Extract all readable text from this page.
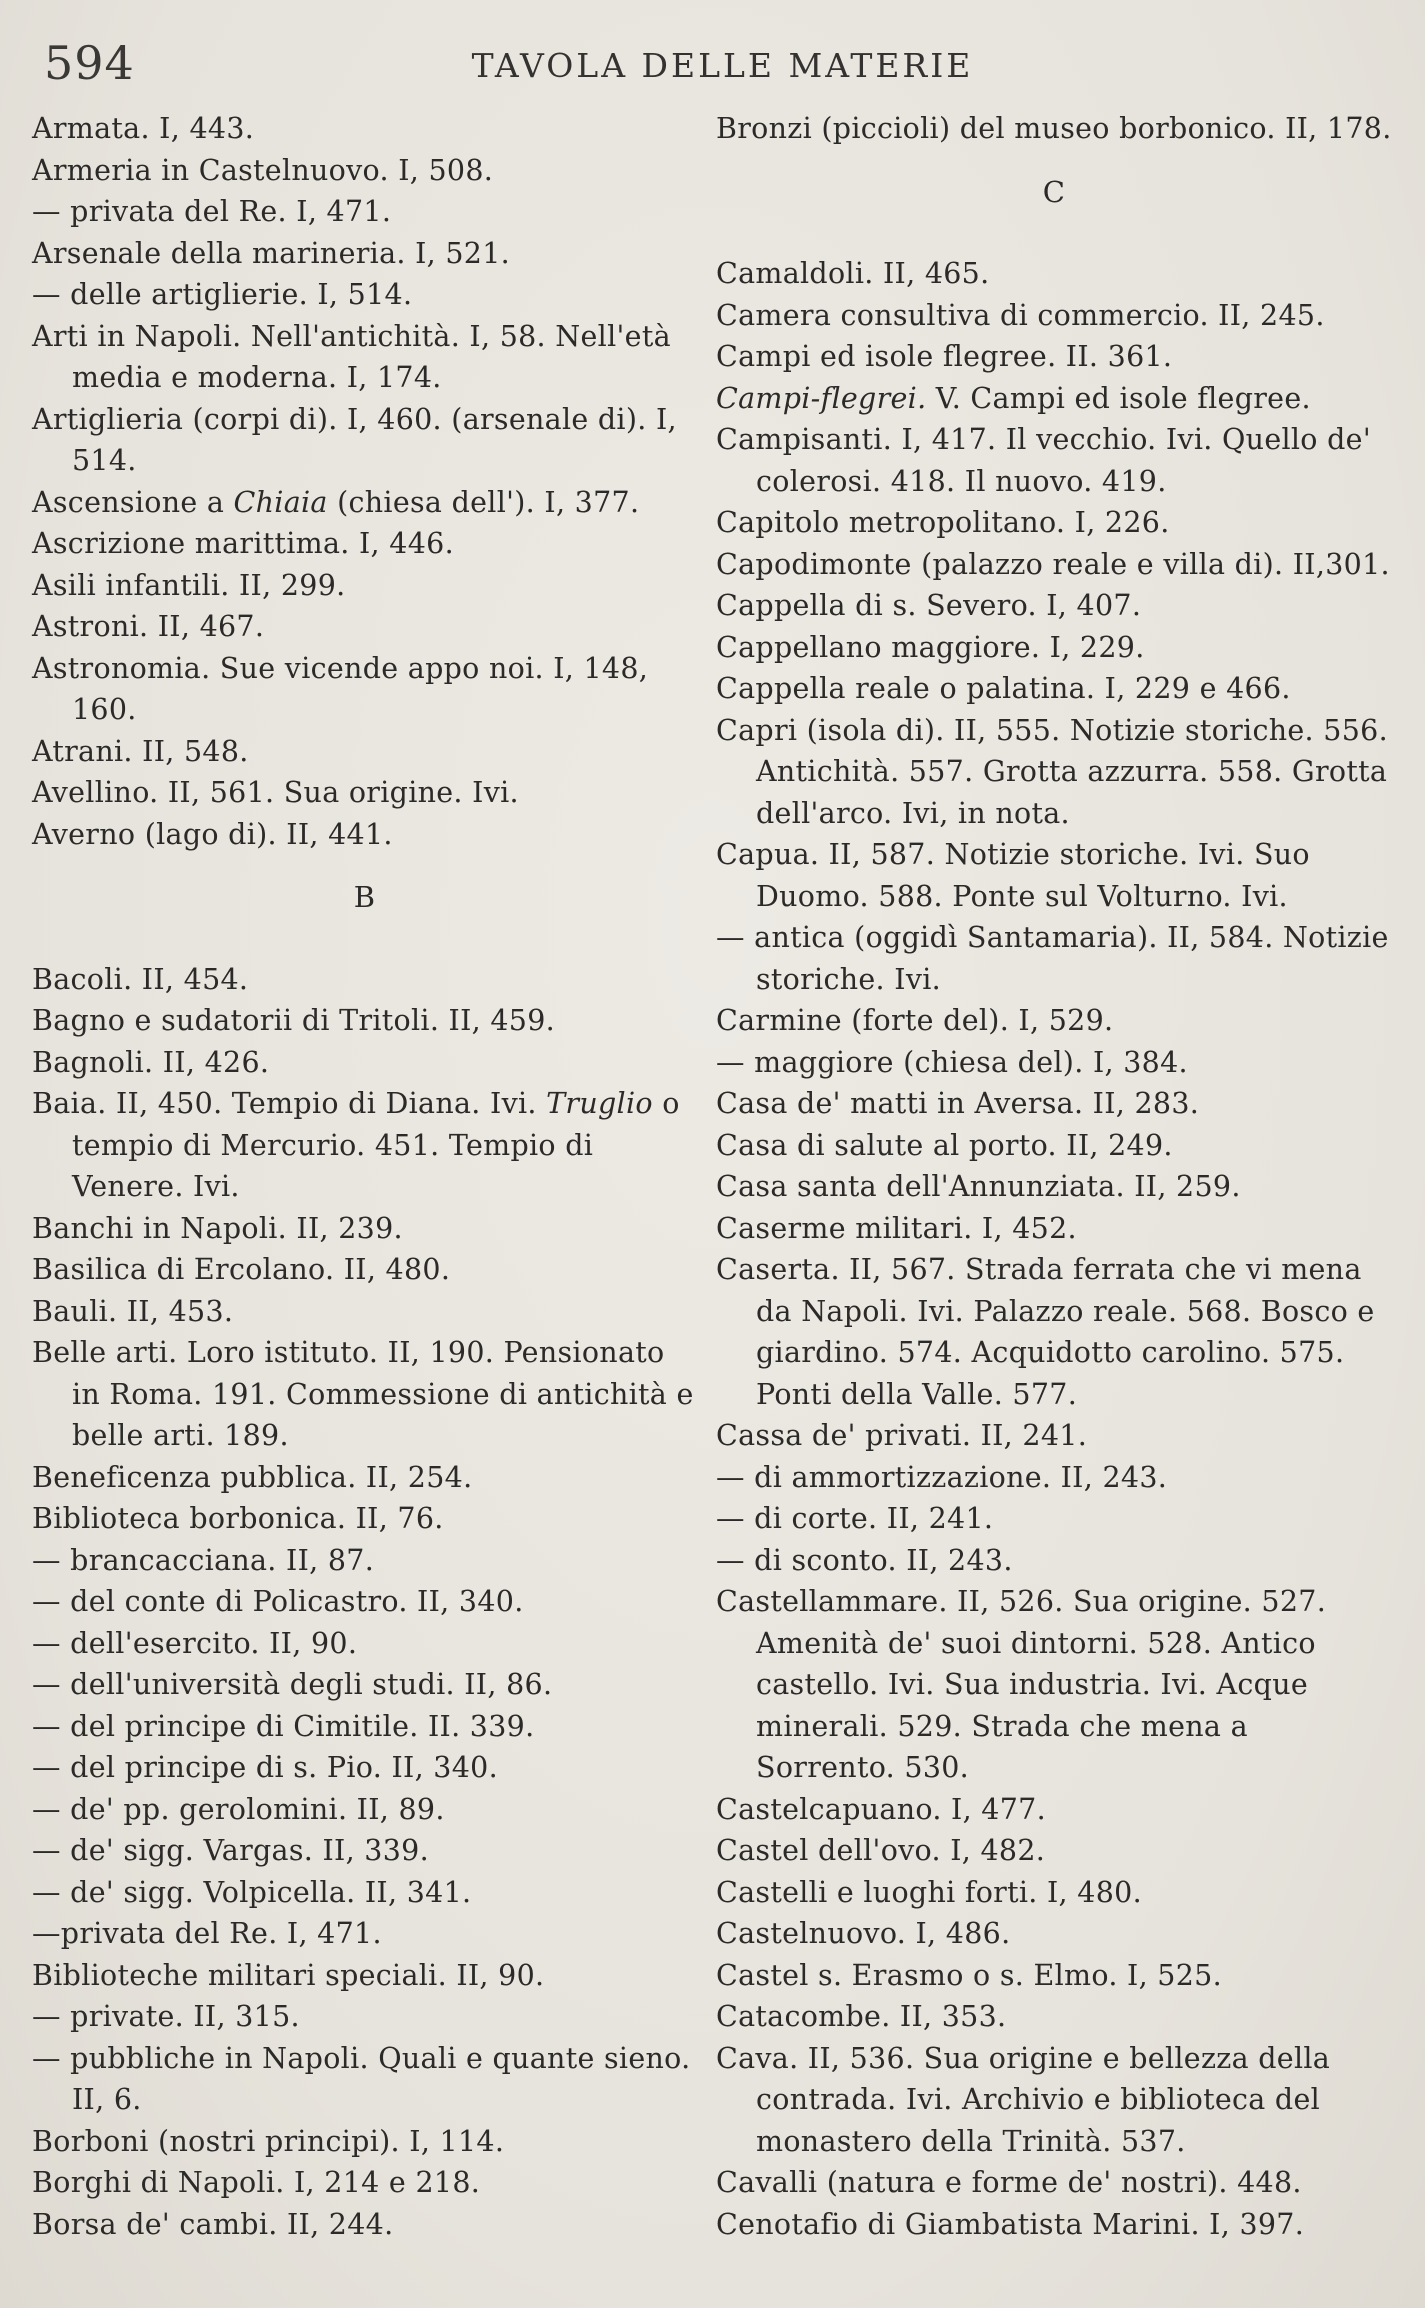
594	TAVOLA DELLE MATERIE
Armata. I, 443.
Armeria in Castelnuovo. I, 508.
— privata del Re. I, 471.
Arsenale della marineria. I, 521.
— delle artiglierie. I, 514.
Arti in Napoli. Nell'antichità. I, 58. Nell'età media e moderna. I, 174.
Artiglieria (corpi di). I, 460. (arsenale di). I, 514.
Ascensione a Chiaia (chiesa dell'). I, 377.
Ascrizione marittima. I, 446.
Asili infantili. II, 299.
Astroni. II, 467.
Astronomia. Sue vicende appo noi. I, 148, 160.
Atrani. II, 548.
Avellino. II, 561. Sua origine. Ivi.
Averno (lago di). II, 441.
B
Bacoli. II, 454.
Bagno e sudatorii di Tritoli. II, 459.
Bagnoli. II, 426.
Baia. II, 450. Tempio di Diana. Ivi. Truglio o tempio di Mercurio. 451. Tempio di Venere. Ivi.
Banchi in Napoli. II, 239.
Basilica di Ercolano. II, 480.
Bauli. II, 453.
Belle arti. Loro istituto. II, 190. Pensionato in Roma. 191. Commessione di antichità e belle arti. 189.
Beneficenza pubblica. II, 254.
Biblioteca borbonica. II, 76.
— brancacciana. II, 87.
— del conte di Policastro. II, 340.
— dell'esercito. II, 90.
— dell'università degli studi. II, 86.
— del principe di Cimitile. II. 339.
— del principe di s. Pio. II, 340.
— de' pp. gerolomini. II, 89.
— de' sigg. Vargas. II, 339.
— de' sigg. Volpicella. II, 341.
—privata del Re. I, 471.
Biblioteche militari speciali. II, 90.
— private. II, 315.
— pubbliche in Napoli. Quali e quante sieno. II, 6.
Borboni (nostri principi). I, 114.
Borghi di Napoli. I, 214 e 218.
Borsa de' cambi. II, 244.
Bronzi (piccioli) del museo borbonico. II, 178.
C
Camaldoli. II, 465.
Camera consultiva di commercio. II, 245.
Campi ed isole flegree. II. 361.
Campi-flegrei. V. Campi ed isole flegree.
Campisanti. I, 417. Il vecchio. Ivi. Quello de' colerosi. 418. Il nuovo. 419.
Capitolo metropolitano. I, 226.
Capodimonte (palazzo reale e villa di). II,301.
Cappella di s. Severo. I, 407.
Cappellano maggiore. I, 229.
Cappella reale o palatina. I, 229 e 466.
Capri (isola di). II, 555. Notizie storiche. 556. Antichità. 557. Grotta azzurra. 558. Grotta dell'arco. Ivi, in nota.
Capua. II, 587. Notizie storiche. Ivi. Suo Duomo. 588. Ponte sul Volturno. Ivi.
— antica (oggidì Santamaria). II, 584. Notizie storiche. Ivi.
Carmine (forte del). I, 529.
— maggiore (chiesa del). I, 384.
Casa de' matti in Aversa. II, 283.
Casa di salute al porto. II, 249.
Casa santa dell'Annunziata. II, 259.
Caserme militari. I, 452.
Caserta. II, 567. Strada ferrata che vi mena da Napoli. Ivi. Palazzo reale. 568. Bosco e giardino. 574. Acquidotto carolino. 575. Ponti della Valle. 577.
Cassa de' privati. II, 241.
— di ammortizzazione. II, 243.
— di corte. II, 241.
— di sconto. II, 243.
Castellammare. II, 526. Sua origine. 527. Amenità de' suoi dintorni. 528. Antico castello. Ivi. Sua industria. Ivi. Acque minerali. 529. Strada che mena a Sorrento. 530.
Castelcapuano. I, 477.
Castel dell'ovo. I, 482.
Castelli e luoghi forti. I, 480.
Castelnuovo. I, 486.
Castel s. Erasmo o s. Elmo. I, 525.
Catacombe. II, 353.
Cava. II, 536. Sua origine e bellezza della contrada. Ivi. Archivio e biblioteca del monastero della Trinità. 537.
Cavalli (natura e forme de' nostri). 448.
Cenotafio di Giambatista Marini. I, 397.
